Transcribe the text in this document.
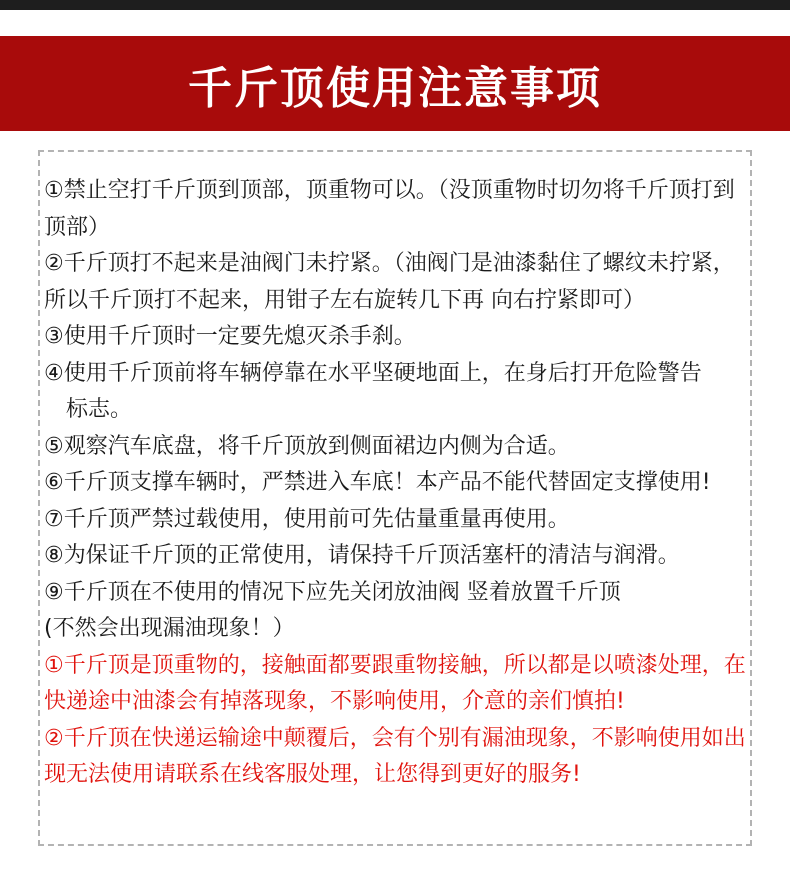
千斤顶使用注意事项

①禁止空打千斤顶到顶部，顶重物可以。（没顶重物时切勿将千斤顶打到顶部）

②千斤顶打不起来是油阀门未拧紧。（油阀门是油漆黏住了螺纹未拧紧，所以千斤顶打不起来，用钳子左右旋转几下再 向右拧紧即可）

③使用千斤顶时一定要先熄灭杀手刹。

④使用千斤顶前将车辆停靠在水平坚硬地面上，在身后打开危险警告
标志。

⑤观察汽车底盘，将千斤顶放到侧面裙边内侧为合适。

⑥千斤顶支撑车辆时，严禁进入车底！本产品不能代替固定支撑使用!

⑦千斤顶严禁过载使用，使用前可先估量重量再使用。

⑧为保证千斤顶的正常使用，请保持千斤顶活塞杆的清洁与润滑。

⑨千斤顶在不使用的情况下应先关闭放油阀 竖着放置千斤顶
(不然会出现漏油现象！）

①千斤顶是顶重物的，接触面都要跟重物接触，所以都是以喷漆处理，在快递途中油漆会有掉落现象，不影响使用，介意的亲们慎拍!

②千斤顶在快递运输途中颠覆后，会有个别有漏油现象，不影响使用如出现无法使用请联系在线客服处理，让您得到更好的服务!
